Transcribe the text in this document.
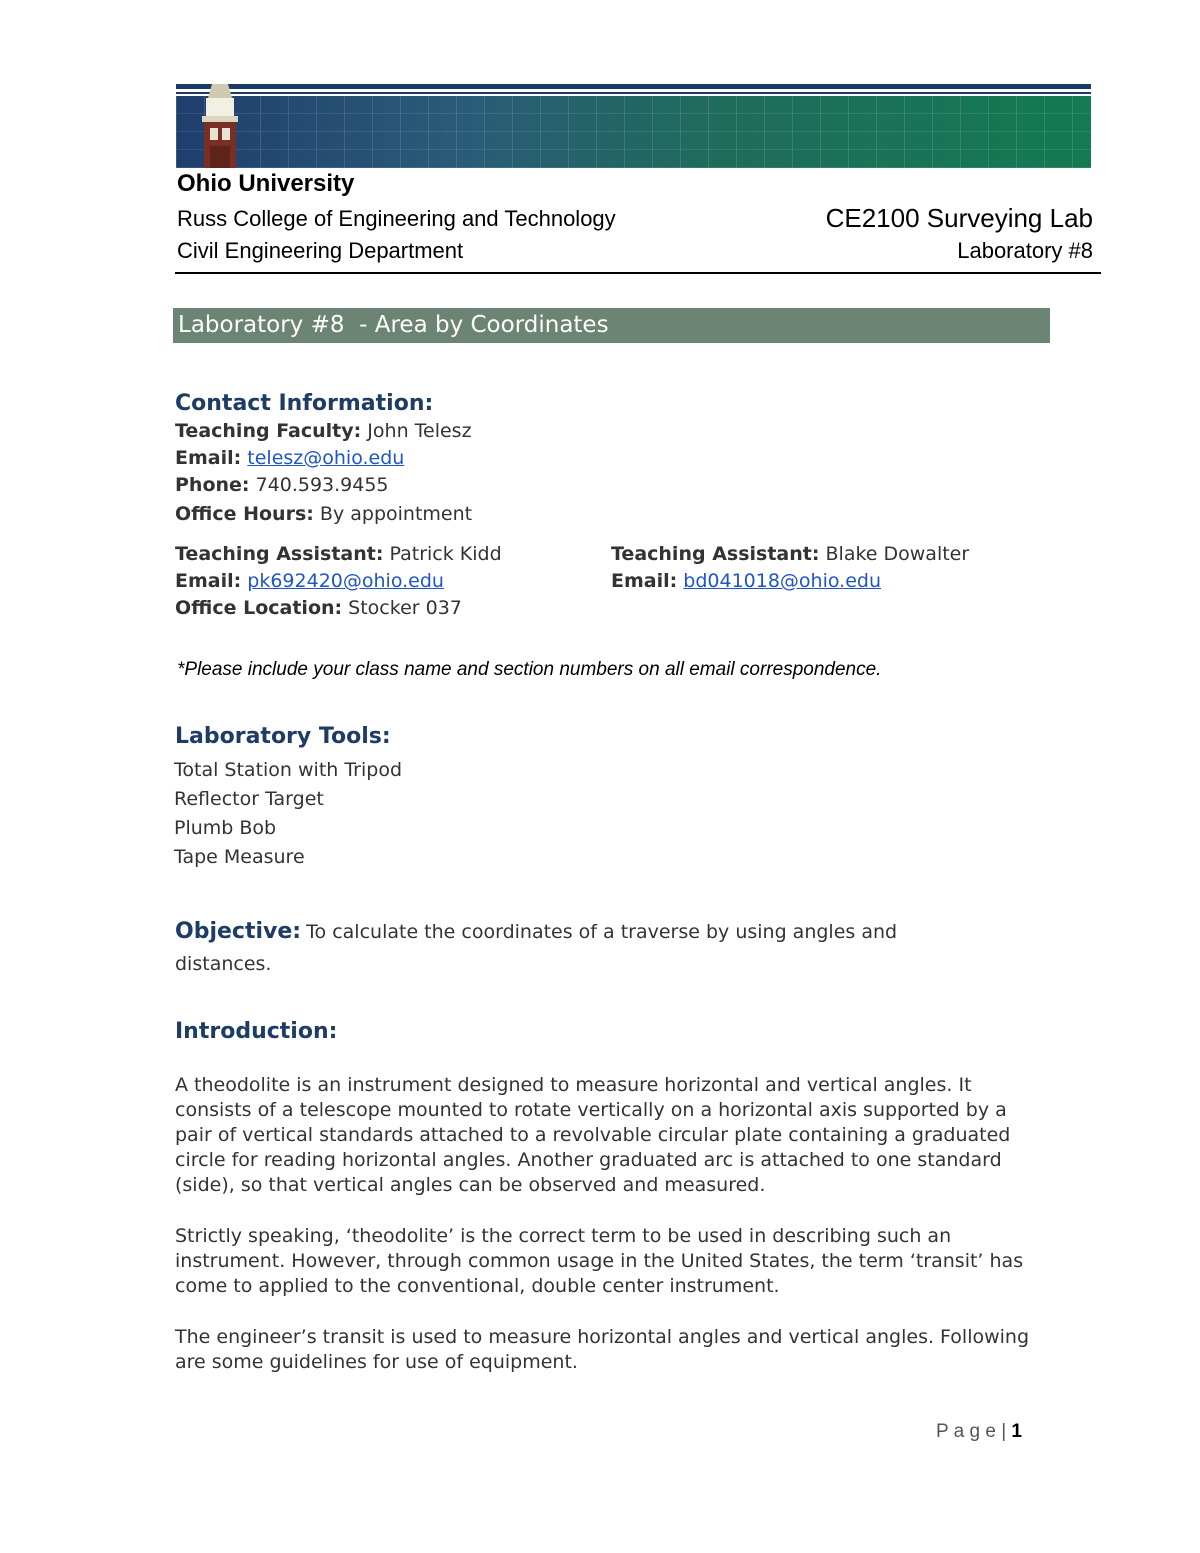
Ohio University
Russ College of Engineering and Technology
Civil Engineering Department
CE2100 Surveying Lab
Laboratory #8
Laboratory #8  - Area by Coordinates
Contact Information:
Teaching Faculty: John Telesz
Email: telesz@ohio.edu
Phone: 740.593.9455
Office Hours: By appointment
Teaching Assistant: Patrick Kidd
Email: pk692420@ohio.edu
Office Location: Stocker 037
Teaching Assistant: Blake Dowalter
Email: bd041018@ohio.edu
*Please include your class name and section numbers on all email correspondence.
Laboratory Tools:
Total Station with Tripod
Reflector Target
Plumb Bob
Tape Measure
Objective: To calculate the coordinates of a traverse by using angles and
distances.
Introduction:
A theodolite is an instrument designed to measure horizontal and vertical angles. It consists of a telescope mounted to rotate vertically on a horizontal axis supported by a pair of vertical standards attached to a revolvable circular plate containing a graduated circle for reading horizontal angles. Another graduated arc is attached to one standard (side), so that vertical angles can be observed and measured.
Strictly speaking, ‘theodolite’ is the correct term to be used in describing such an instrument. However, through common usage in the United States, the term ‘transit’ has come to applied to the conventional, double center instrument.
The engineer’s transit is used to measure horizontal angles and vertical angles. Following are some guidelines for use of equipment.
P a g e | 1
